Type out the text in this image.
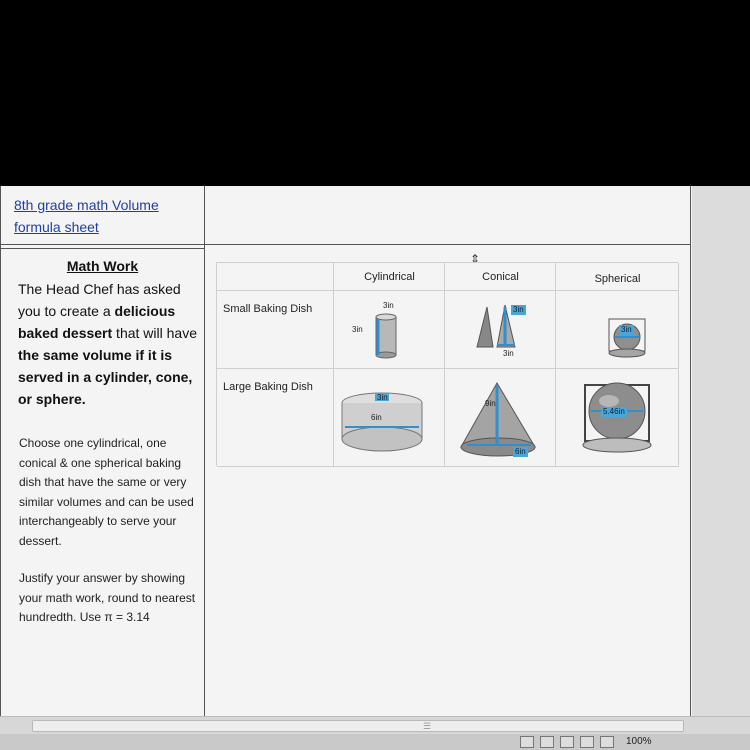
8th grade math Volume
formula sheet
Math Work
The Head Chef has asked you to create a delicious baked dessert that will have the same volume if it is served in a cylinder, cone, or sphere.
Choose one cylindrical, one conical & one spherical baking dish that have the same or very similar volumes and can be used interchangeably to serve your dessert.
Justify your answer by showing your math work, round to nearest hundredth. Use π = 3.14
⇕
Cylindrical	Conical	Spherical
Small Baking Dish
Large Baking Dish
3in
3in
3in
3in
3in
3in
6in
9in
6in
5.46in
☰
100%
